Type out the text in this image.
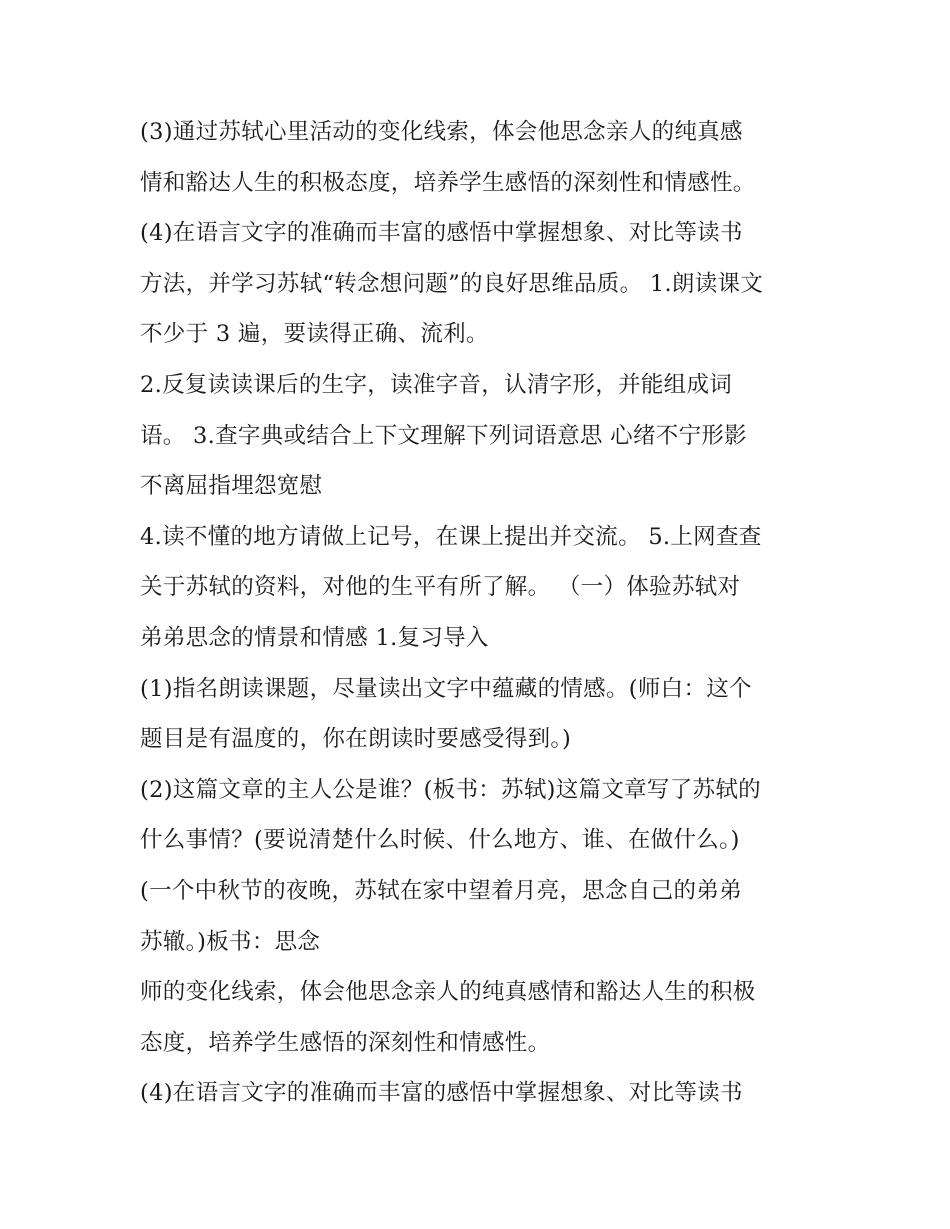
(3)通过苏轼心里活动的变化线索，体会他思念亲人的纯真感
情和豁达人生的积极态度，培养学生感悟的深刻性和情感性。
(4)在语言文字的准确而丰富的感悟中掌握想象、对比等读书
方法，并学习苏轼“转念想问题”的良好思维品质。 1.朗读课文
不少于 3 遍，要读得正确、流利。
2.反复读读课后的生字，读准字音，认清字形，并能组成词
语。 3.查字典或结合上下文理解下列词语意思 心绪不宁形影
不离屈指埋怨宽慰
4.读不懂的地方请做上记号，在课上提出并交流。 5.上网查查
关于苏轼的资料，对他的生平有所了解。 （一）体验苏轼对
弟弟思念的情景和情感 1.复习导入
(1)指名朗读课题，尽量读出文字中蕴藏的情感。(师白：这个
题目是有温度的，你在朗读时要感受得到。)
(2)这篇文章的主人公是谁？(板书：苏轼)这篇文章写了苏轼的
什么事情？(要说清楚什么时候、什么地方、谁、在做什么。)
(一个中秋节的夜晚，苏轼在家中望着月亮，思念自己的弟弟
苏辙。)板书：思念
师的变化线索，体会他思念亲人的纯真感情和豁达人生的积极
态度，培养学生感悟的深刻性和情感性。
(4)在语言文字的准确而丰富的感悟中掌握想象、对比等读书
